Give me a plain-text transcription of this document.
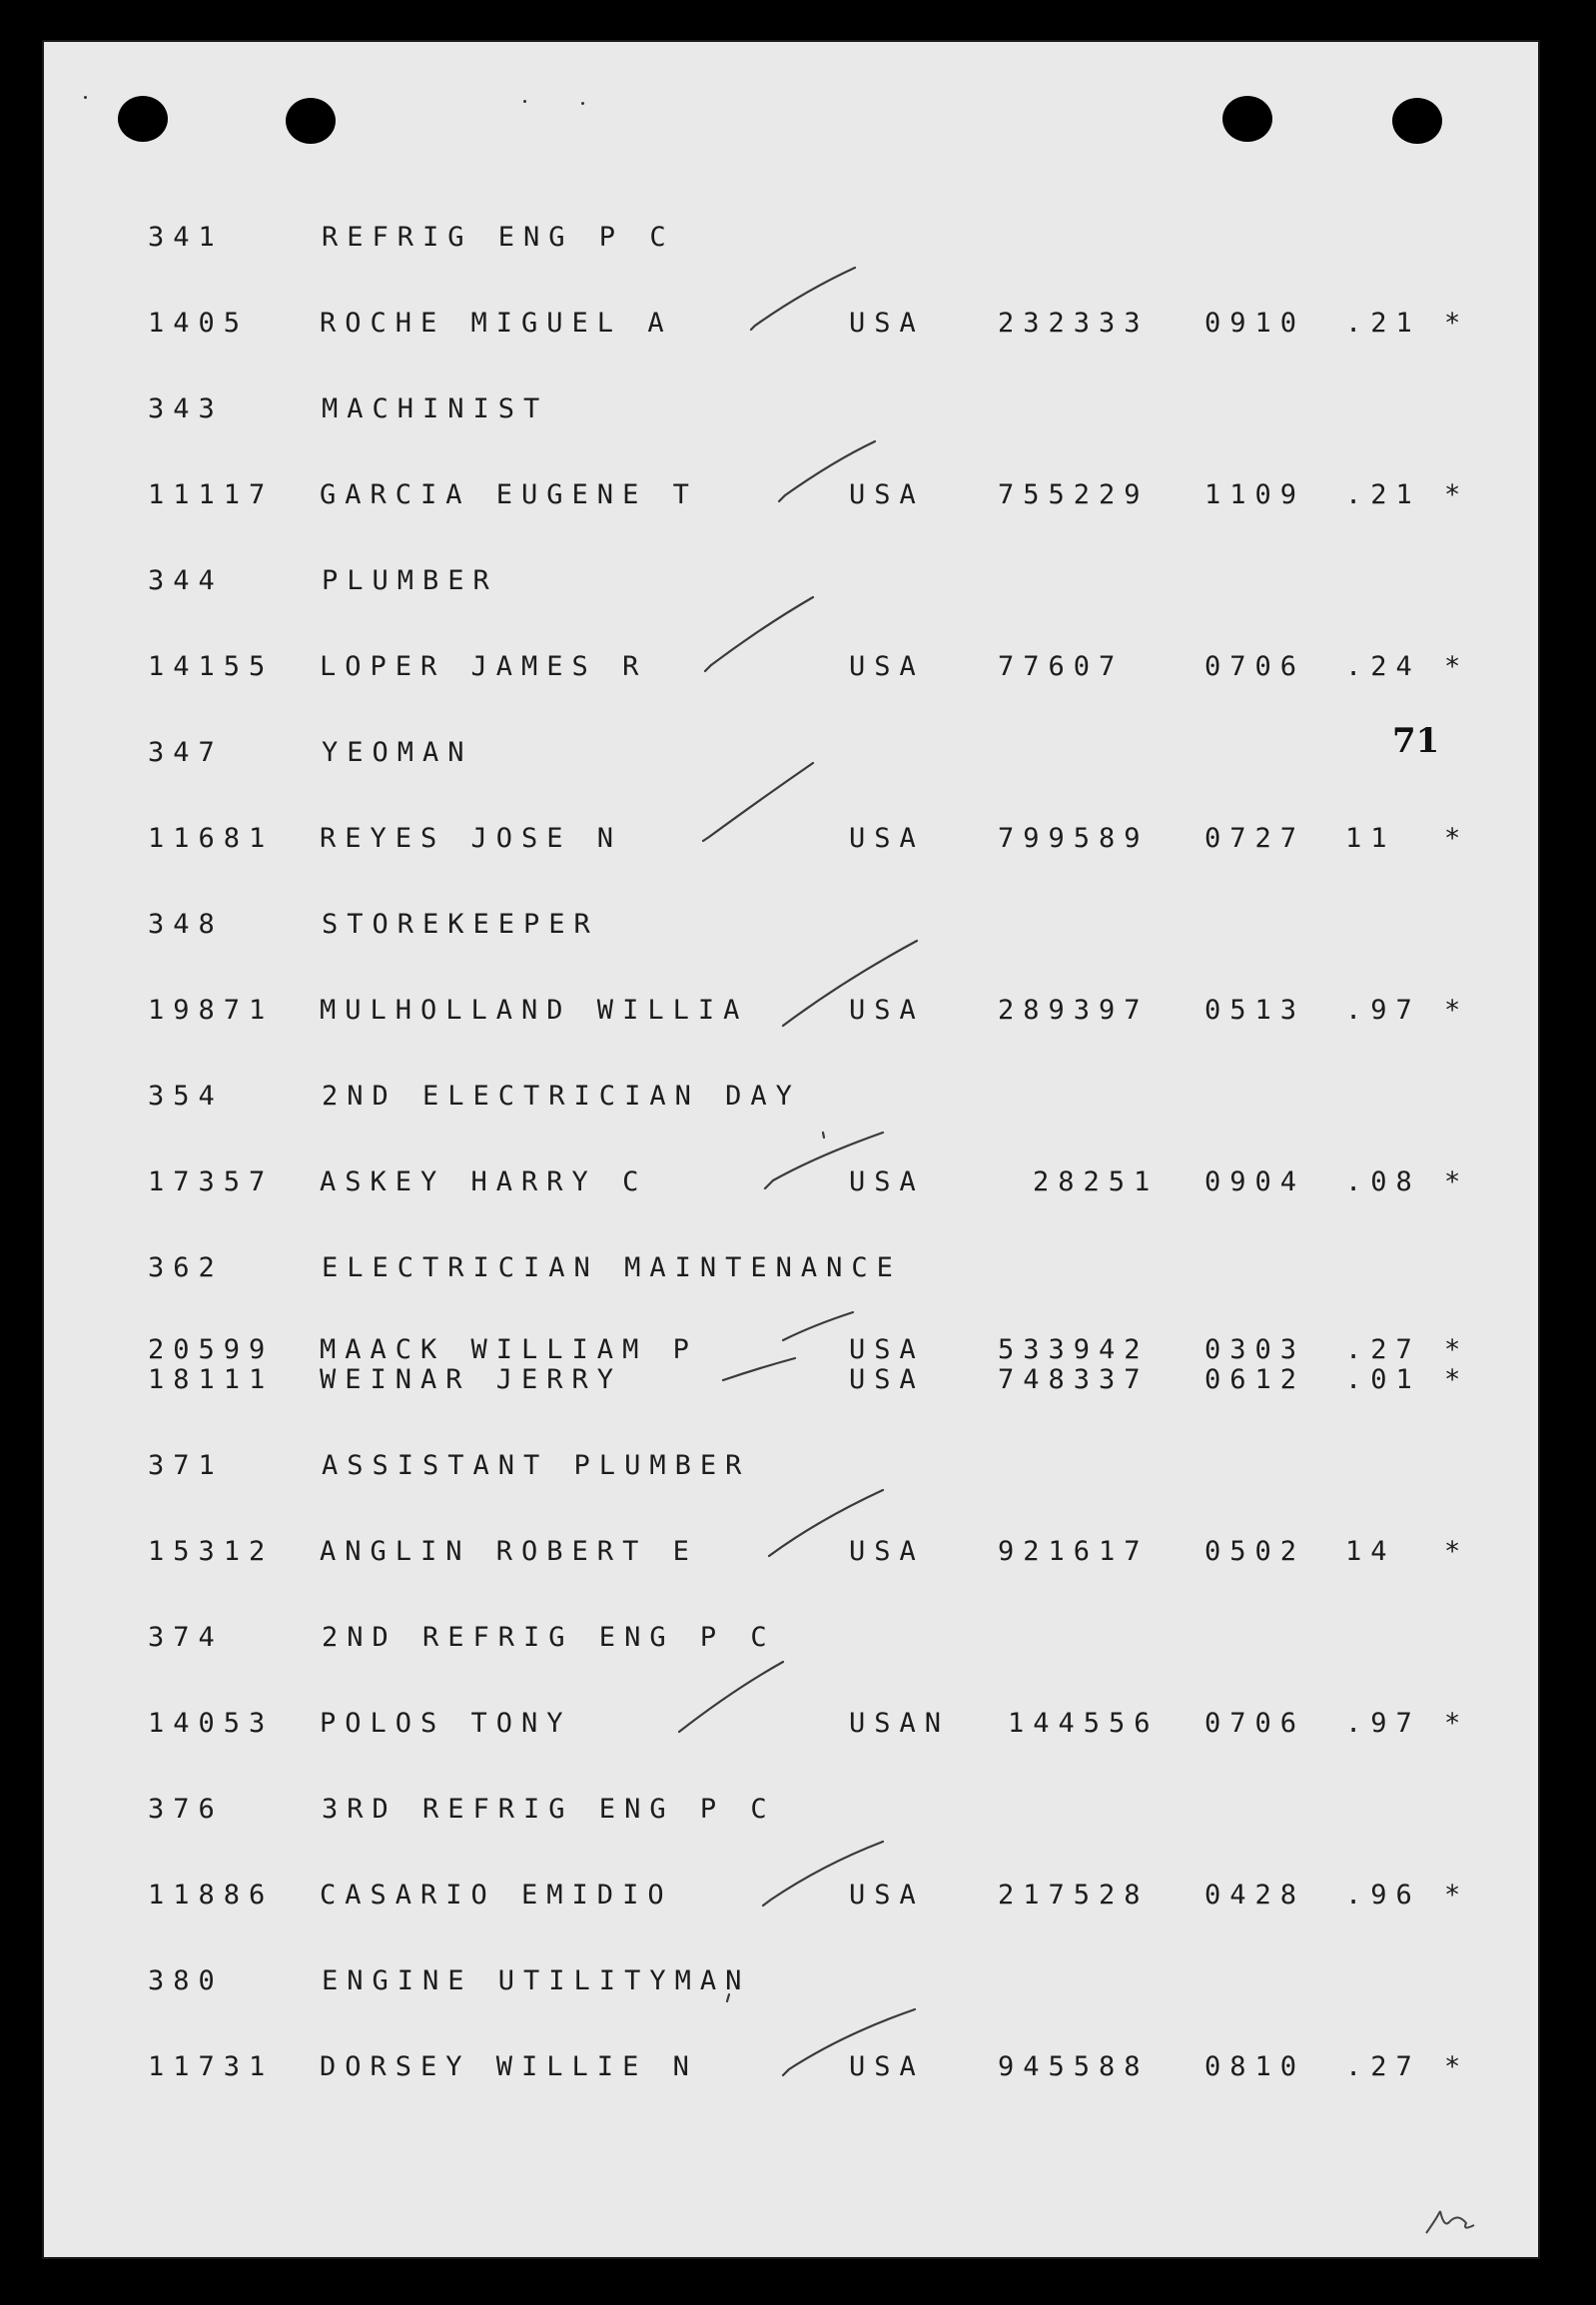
71
341	REFRIG ENG P C
1405	ROCHE MIGUEL A	USA	232333 0910 .21 *
343	MACHINIST
11117 GARCIA EUGENE T	USA	755229 1109 .21 *
344	PLUMBER
14155 LOPER JAMES R	USA	77607	0706 .24 *
347	YEOMAN
11681 REYES JOSE N	USA	799589 0727 11 *
348	STOREKEEPER
19871 MULHOLLAND WILLIA	USA	289397 0513 .97 *
354	2ND ELECTRICIAN DAY
17357 ASKEY HARRY C	USA	28251 0904 .08 *
362	ELECTRICIAN MAINTENANCE
20599 MAACK WILLIAM P	USA	533942 0303 .27 *
18111 WEINAR JERRY	USA	748337 0612 .01 *
371	ASSISTANT PLUMBER
15312 ANGLIN ROBERT E	USA	921617 0502 14 *
374	2ND REFRIG ENG P C
14053 POLOS TONY	USAN 144556 0706 .97 *
376	3RD REFRIG ENG P C
11886 CASARIO EMIDIO	USA	217528 0428 .96 *
380	ENGINE UTILITYMAN
11731 DORSEY WILLIE N	USA	945588 0810 .27 *
